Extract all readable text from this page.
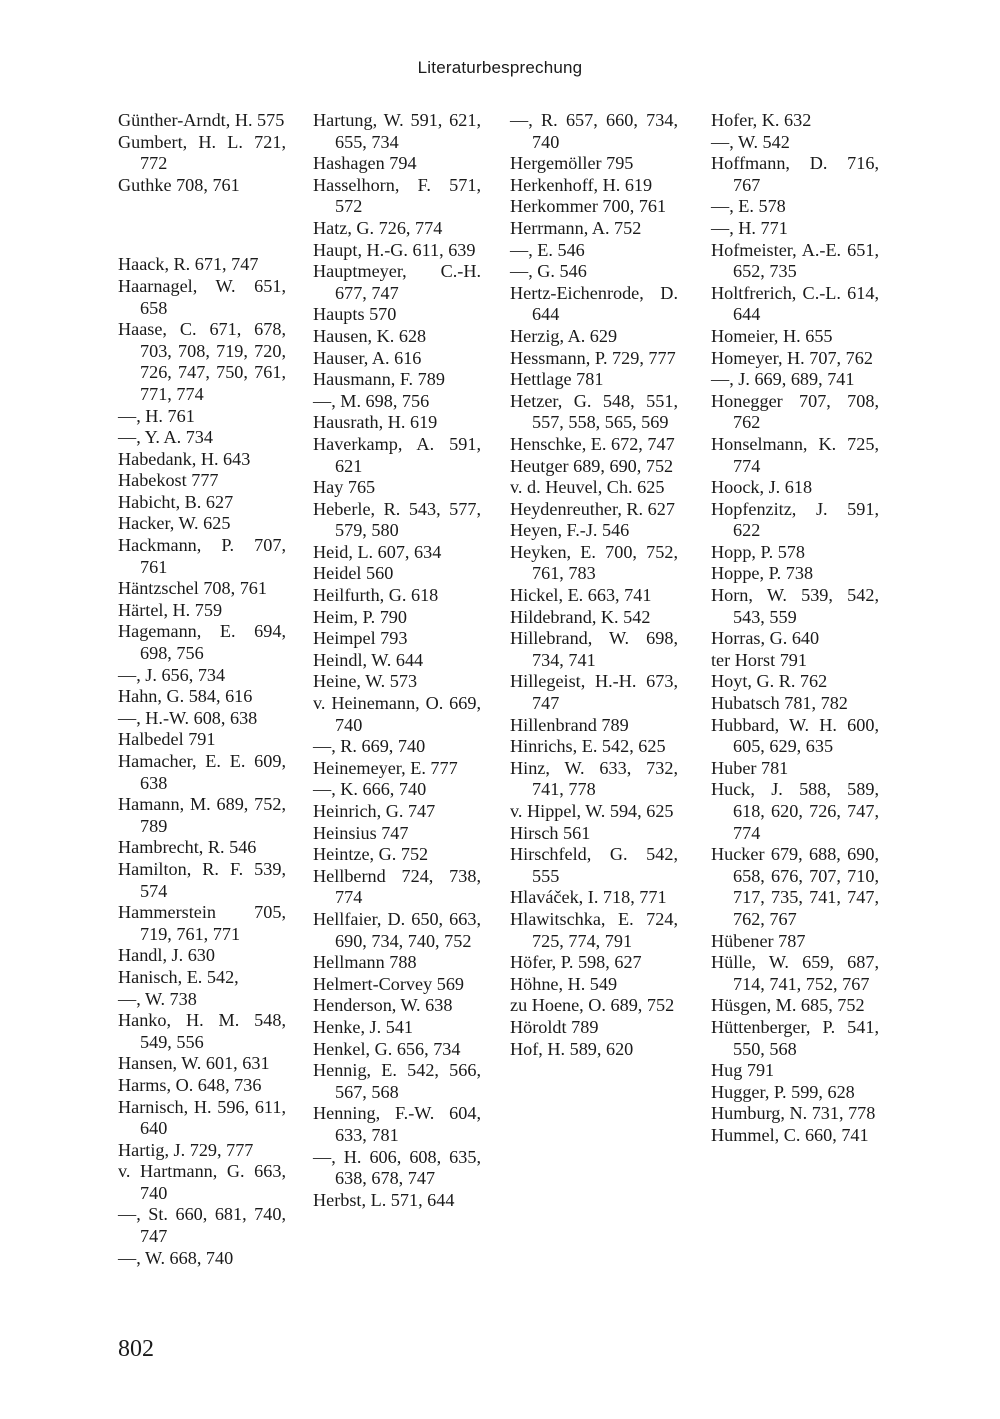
Literaturbesprechung

Günther-Arndt, H. 575

Gumbert, H. L. 721, 772

Guthke 708, 761

Haack, R. 671, 747

Haarnagel, W. 651, 658

Haase, C. 671, 678, 703, 708, 719, 720, 726, 747, 750, 761, 771, 774

—, H. 761

—, Y. A. 734

Habedank, H. 643

Habekost 777

Habicht, B. 627

Hacker, W. 625

Hackmann, P. 707, 761

Häntzschel 708, 761

Härtel, H. 759

Hagemann, E. 694, 698, 756

—, J. 656, 734

Hahn, G. 584, 616

—, H.-W. 608, 638

Halbedel 791

Hamacher, E. E. 609, 638

Hamann, M. 689, 752, 789

Hambrecht, R. 546

Hamilton, R. F. 539, 574

Hammerstein 705, 719, 761, 771

Handl, J. 630

Hanisch, E. 542,

—, W. 738

Hanko, H. M. 548, 549, 556

Hansen, W. 601, 631

Harms, O. 648, 736

Harnisch, H. 596, 611, 640

Hartig, J. 729, 777

v. Hartmann, G. 663, 740

—, St. 660, 681, 740, 747

—, W. 668, 740

Hartung, W. 591, 621, 655, 734

Hashagen 794

Hasselhorn, F. 571, 572

Hatz, G. 726, 774

Haupt, H.-G. 611, 639

Hauptmeyer, C.-H. 677, 747

Haupts 570

Hausen, K. 628

Hauser, A. 616

Hausmann, F. 789

—, M. 698, 756

Hausrath, H. 619

Haverkamp, A. 591, 621

Hay 765

Heberle, R. 543, 577, 579, 580

Heid, L. 607, 634

Heidel 560

Heilfurth, G. 618

Heim, P. 790

Heimpel 793

Heindl, W. 644

Heine, W. 573

v. Heinemann, O. 669, 740

—, R. 669, 740

Heinemeyer, E. 777

—, K. 666, 740

Heinrich, G. 747

Heinsius 747

Heintze, G. 752

Hellbernd 724, 738, 774

Hellfaier, D. 650, 663, 690, 734, 740, 752

Hellmann 788

Helmert-Corvey 569

Henderson, W. 638

Henke, J. 541

Henkel, G. 656, 734

Hennig, E. 542, 566, 567, 568

Henning, F.-W. 604, 633, 781

—, H. 606, 608, 635, 638, 678, 747

Herbst, L. 571, 644

—, R. 657, 660, 734, 740

Hergemöller 795

Herkenhoff, H. 619

Herkommer 700, 761

Herrmann, A. 752

—, E. 546

—, G. 546

Hertz-Eichenrode, D. 644

Herzig, A. 629

Hessmann, P. 729, 777

Hettlage 781

Hetzer, G. 548, 551, 557, 558, 565, 569

Henschke, E. 672, 747

Heutger 689, 690, 752

v. d. Heuvel, Ch. 625

Heydenreuther, R. 627

Heyen, F.-J. 546

Heyken, E. 700, 752, 761, 783

Hickel, E. 663, 741

Hildebrand, K. 542

Hillebrand, W. 698, 734, 741

Hillegeist, H.-H. 673, 747

Hillenbrand 789

Hinrichs, E. 542, 625

Hinz, W. 633, 732, 741, 778

v. Hippel, W. 594, 625

Hirsch 561

Hirschfeld, G. 542, 555

Hlaváček, I. 718, 771

Hlawitschka, E. 724, 725, 774, 791

Höfer, P. 598, 627

Höhne, H. 549

zu Hoene, O. 689, 752

Höroldt 789

Hof, H. 589, 620

Hofer, K. 632

—, W. 542

Hoffmann, D. 716, 767

—, E. 578

—, H. 771

Hofmeister, A.-E. 651, 652, 735

Holtfrerich, C.-L. 614, 644

Homeier, H. 655

Homeyer, H. 707, 762

—, J. 669, 689, 741

Honegger 707, 708, 762

Honselmann, K. 725, 774

Hoock, J. 618

Hopfenzitz, J. 591, 622

Hopp, P. 578

Hoppe, P. 738

Horn, W. 539, 542, 543, 559

Horras, G. 640

ter Horst 791

Hoyt, G. R. 762

Hubatsch 781, 782

Hubbard, W. H. 600, 605, 629, 635

Huber 781

Huck, J. 588, 589, 618, 620, 726, 747, 774

Hucker 679, 688, 690, 658, 676, 707, 710, 717, 735, 741, 747, 762, 767

Hübener 787

Hülle, W. 659, 687, 714, 741, 752, 767

Hüsgen, M. 685, 752

Hüttenberger, P. 541, 550, 568

Hug 791

Hugger, P. 599, 628

Humburg, N. 731, 778

Hummel, C. 660, 741

802
